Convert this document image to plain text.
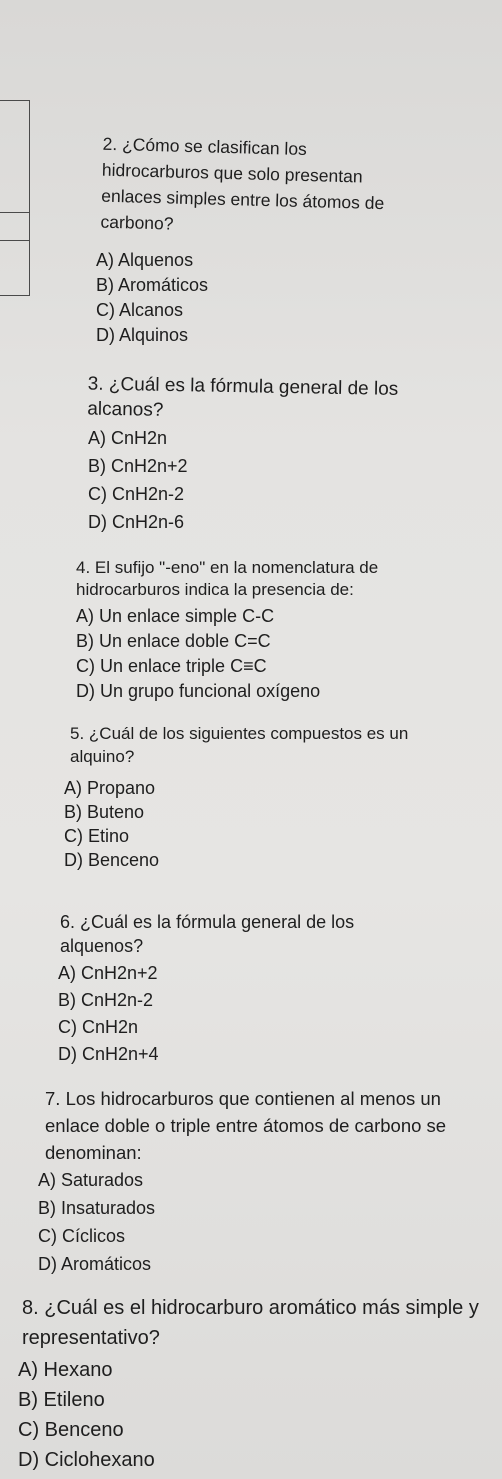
2. ¿Cómo se clasifican los hidrocarburos que solo presentan enlaces simples entre los átomos de carbono?

A) Alquenos

B) Aromáticos

C) Alcanos

D) Alquinos

3. ¿Cuál es la fórmula general de los alcanos?

A) CnH2n

B) CnH2n+2

C) CnH2n-2

D) CnH2n-6

4. El sufijo "-eno" en la nomenclatura de hidrocarburos indica la presencia de:

A) Un enlace simple C-C

B) Un enlace doble C=C

C) Un enlace triple C≡C

D) Un grupo funcional oxígeno

5. ¿Cuál de los siguientes compuestos es un alquino?

A) Propano

B) Buteno

C) Etino

D) Benceno

6. ¿Cuál es la fórmula general de los alquenos?

A) CnH2n+2

B) CnH2n-2

C) CnH2n

D) CnH2n+4

7. Los hidrocarburos que contienen al menos un enlace doble o triple entre átomos de carbono se denominan:

A) Saturados

B) Insaturados

C) Cíclicos

D) Aromáticos

8. ¿Cuál es el hidrocarburo aromático más simple y representativo?

A) Hexano

B) Etileno

C) Benceno

D) Ciclohexano
